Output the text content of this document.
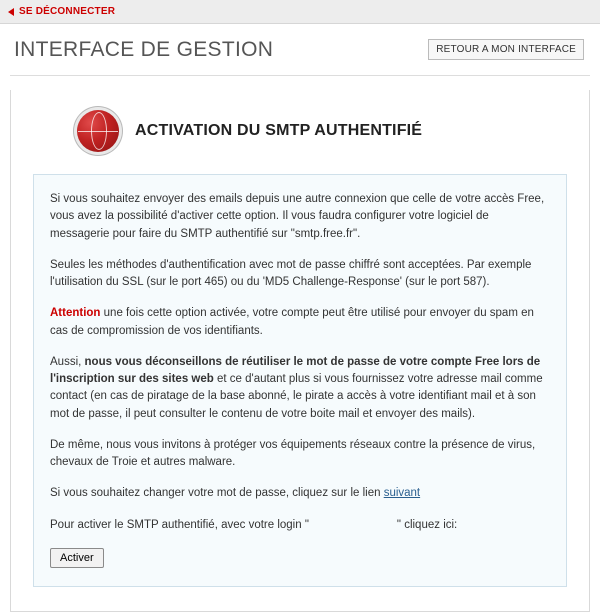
SE DÉCONNECTER
INTERFACE DE GESTION	RETOUR A MON INTERFACE
ACTIVATION DU SMTP AUTHENTIFIÉ

Si vous souhaitez envoyer des emails depuis une autre connexion que celle de votre accès Free, vous avez la possibilité d'activer cette option. Il vous faudra configurer votre logiciel de messagerie pour faire du SMTP authentifié sur "smtp.free.fr".

Seules les méthodes d'authentification avec mot de passe chiffré sont acceptées. Par exemple l'utilisation du SSL (sur le port 465) ou du 'MD5 Challenge-Response' (sur le port 587).

Attention une fois cette option activée, votre compte peut être utilisé pour envoyer du spam en cas de compromission de vos identifiants.

Aussi, nous vous déconseillons de réutiliser le mot de passe de votre compte Free lors de l'inscription sur des sites web et ce d'autant plus si vous fournissez votre adresse mail comme contact (en cas de piratage de la base abonné, le pirate a accès à votre identifiant mail et à son mot de passe, il peut consulter le contenu de votre boite mail et envoyer des mails).

De même, nous vous invitons à protéger vos équipements réseaux contre la présence de virus, chevaux de Troie et autres malware.

Si vous souhaitez changer votre mot de passe, cliquez sur le lien suivant

Pour activer le SMTP authentifié, avec votre login "	" cliquez ici:

Activer
